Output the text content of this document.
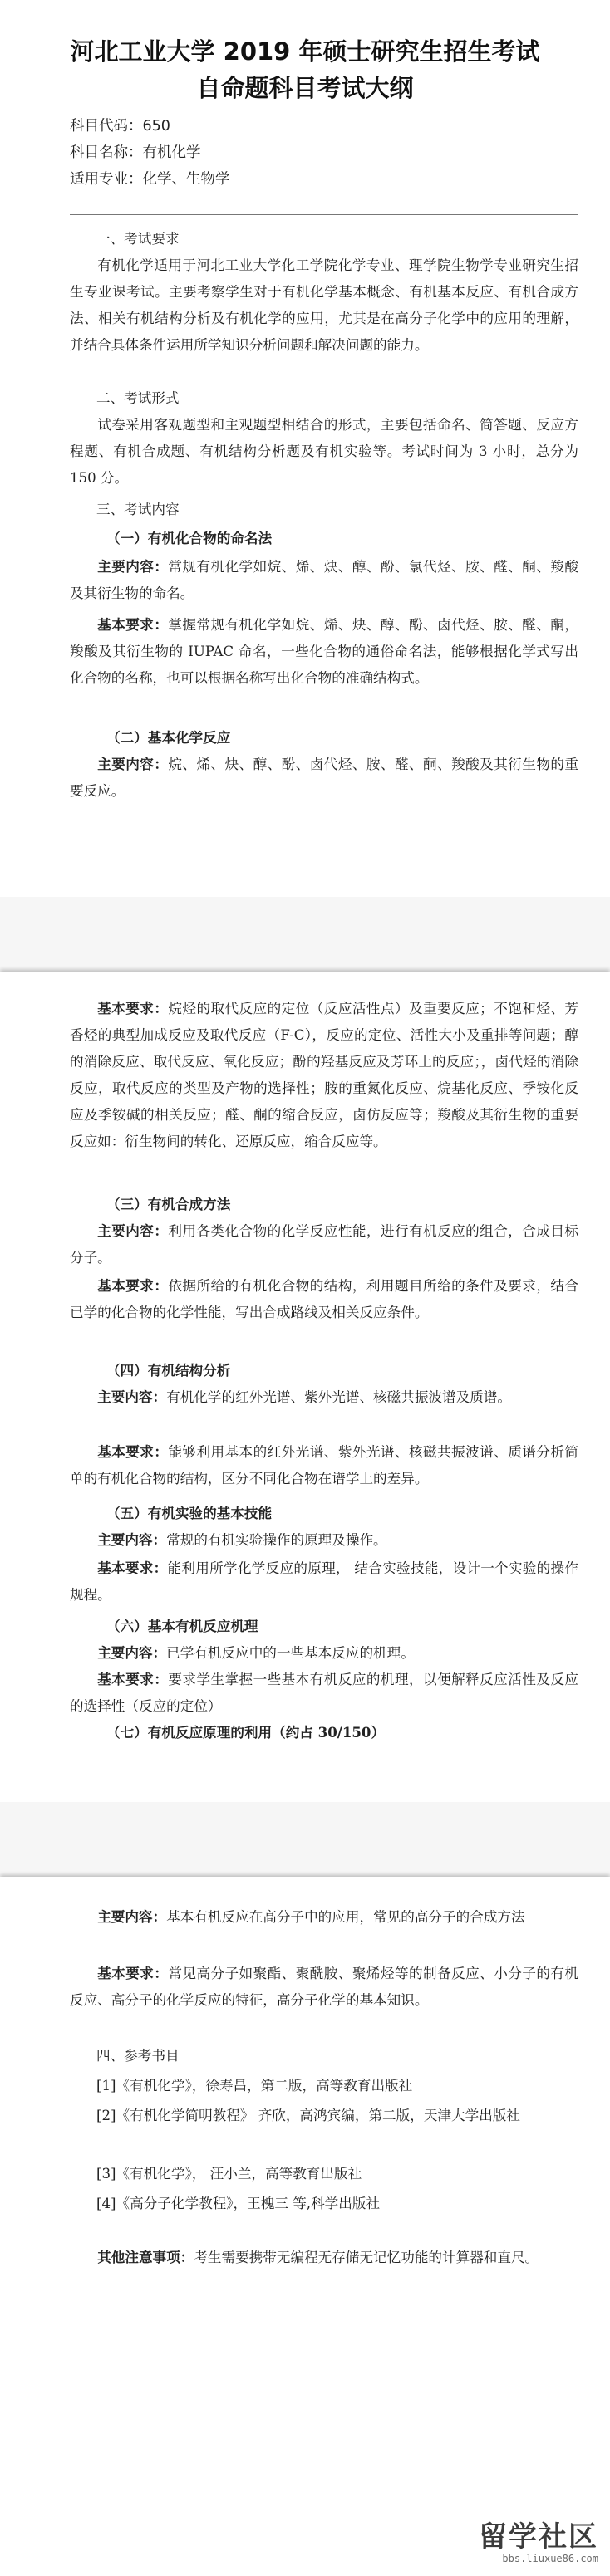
河北工业大学 2019 年硕士研究生招生考试
自命题科目考试大纲
科目代码：650
科目名称：有机化学
适用专业：化学、生物学
一、考试要求
有机化学适用于河北工业大学化工学院化学专业、理学院生物学专业研究生招生专业课考试。主要考察学生对于有机化学基本概念、有机基本反应、有机合成方法、相关有机结构分析及有机化学的应用，尤其是在高分子化学中的应用的理解，并结合具体条件运用所学知识分析问题和解决问题的能力。
二、考试形式
试卷采用客观题型和主观题型相结合的形式，主要包括命名、简答题、反应方程题、有机合成题、有机结构分析题及有机实验等。考试时间为 3 小时，总分为 150 分。
三、考试内容
（一）有机化合物的命名法
主要内容：常规有机化学如烷、烯、炔、醇、酚、氯代烃、胺、醛、酮、羧酸及其衍生物的命名。
基本要求：掌握常规有机化学如烷、烯、炔、醇、酚、卤代烃、胺、醛、酮，羧酸及其衍生物的 IUPAC 命名，一些化合物的通俗命名法，能够根据化学式写出化合物的名称，也可以根据名称写出化合物的准确结构式。
（二）基本化学反应
主要内容：烷、烯、炔、醇、酚、卤代烃、胺、醛、酮、羧酸及其衍生物的重要反应。
基本要求：烷烃的取代反应的定位（反应活性点）及重要反应；不饱和烃、芳香烃的典型加成反应及取代反应（F-C），反应的定位、活性大小及重排等问题；醇的消除反应、取代反应、氧化反应；酚的羟基反应及芳环上的反应；，卤代烃的消除反应，取代反应的类型及产物的选择性；胺的重氮化反应、烷基化反应、季铵化反应及季铵碱的相关反应；醛、酮的缩合反应，卤仿反应等；羧酸及其衍生物的重要反应如：衍生物间的转化、还原反应，缩合反应等。
（三）有机合成方法
主要内容：利用各类化合物的化学反应性能，进行有机反应的组合，合成目标分子。
基本要求：依据所给的有机化合物的结构，利用题目所给的条件及要求，结合已学的化合物的化学性能，写出合成路线及相关反应条件。
（四）有机结构分析
主要内容：有机化学的红外光谱、紫外光谱、核磁共振波谱及质谱。
基本要求：能够利用基本的红外光谱、紫外光谱、核磁共振波谱、质谱分析简单的有机化合物的结构，区分不同化合物在谱学上的差异。
（五）有机实验的基本技能
主要内容：常规的有机实验操作的原理及操作。
基本要求：能利用所学化学反应的原理， 结合实验技能，设计一个实验的操作规程。
（六）基本有机反应机理
主要内容：已学有机反应中的一些基本反应的机理。
基本要求：要求学生掌握一些基本有机反应的机理，以便解释反应活性及反应的选择性（反应的定位）
（七）有机反应原理的利用（约占 30/150）
主要内容：基本有机反应在高分子中的应用，常见的高分子的合成方法
基本要求：常见高分子如聚酯、聚酰胺、聚烯烃等的制备反应、小分子的有机反应、高分子的化学反应的特征，高分子化学的基本知识。
四、参考书目
[1]《有机化学》，徐寿昌，第二版，高等教育出版社
[2]《有机化学简明教程》 齐欣，高鸿宾编，第二版，天津大学出版社
[3]《有机化学》， 汪小兰，高等教育出版社
[4]《高分子化学教程》，王槐三 等,科学出版社
其他注意事项：考生需要携带无编程无存储无记忆功能的计算器和直尺。
留学社区
bbs.liuxue86.com
